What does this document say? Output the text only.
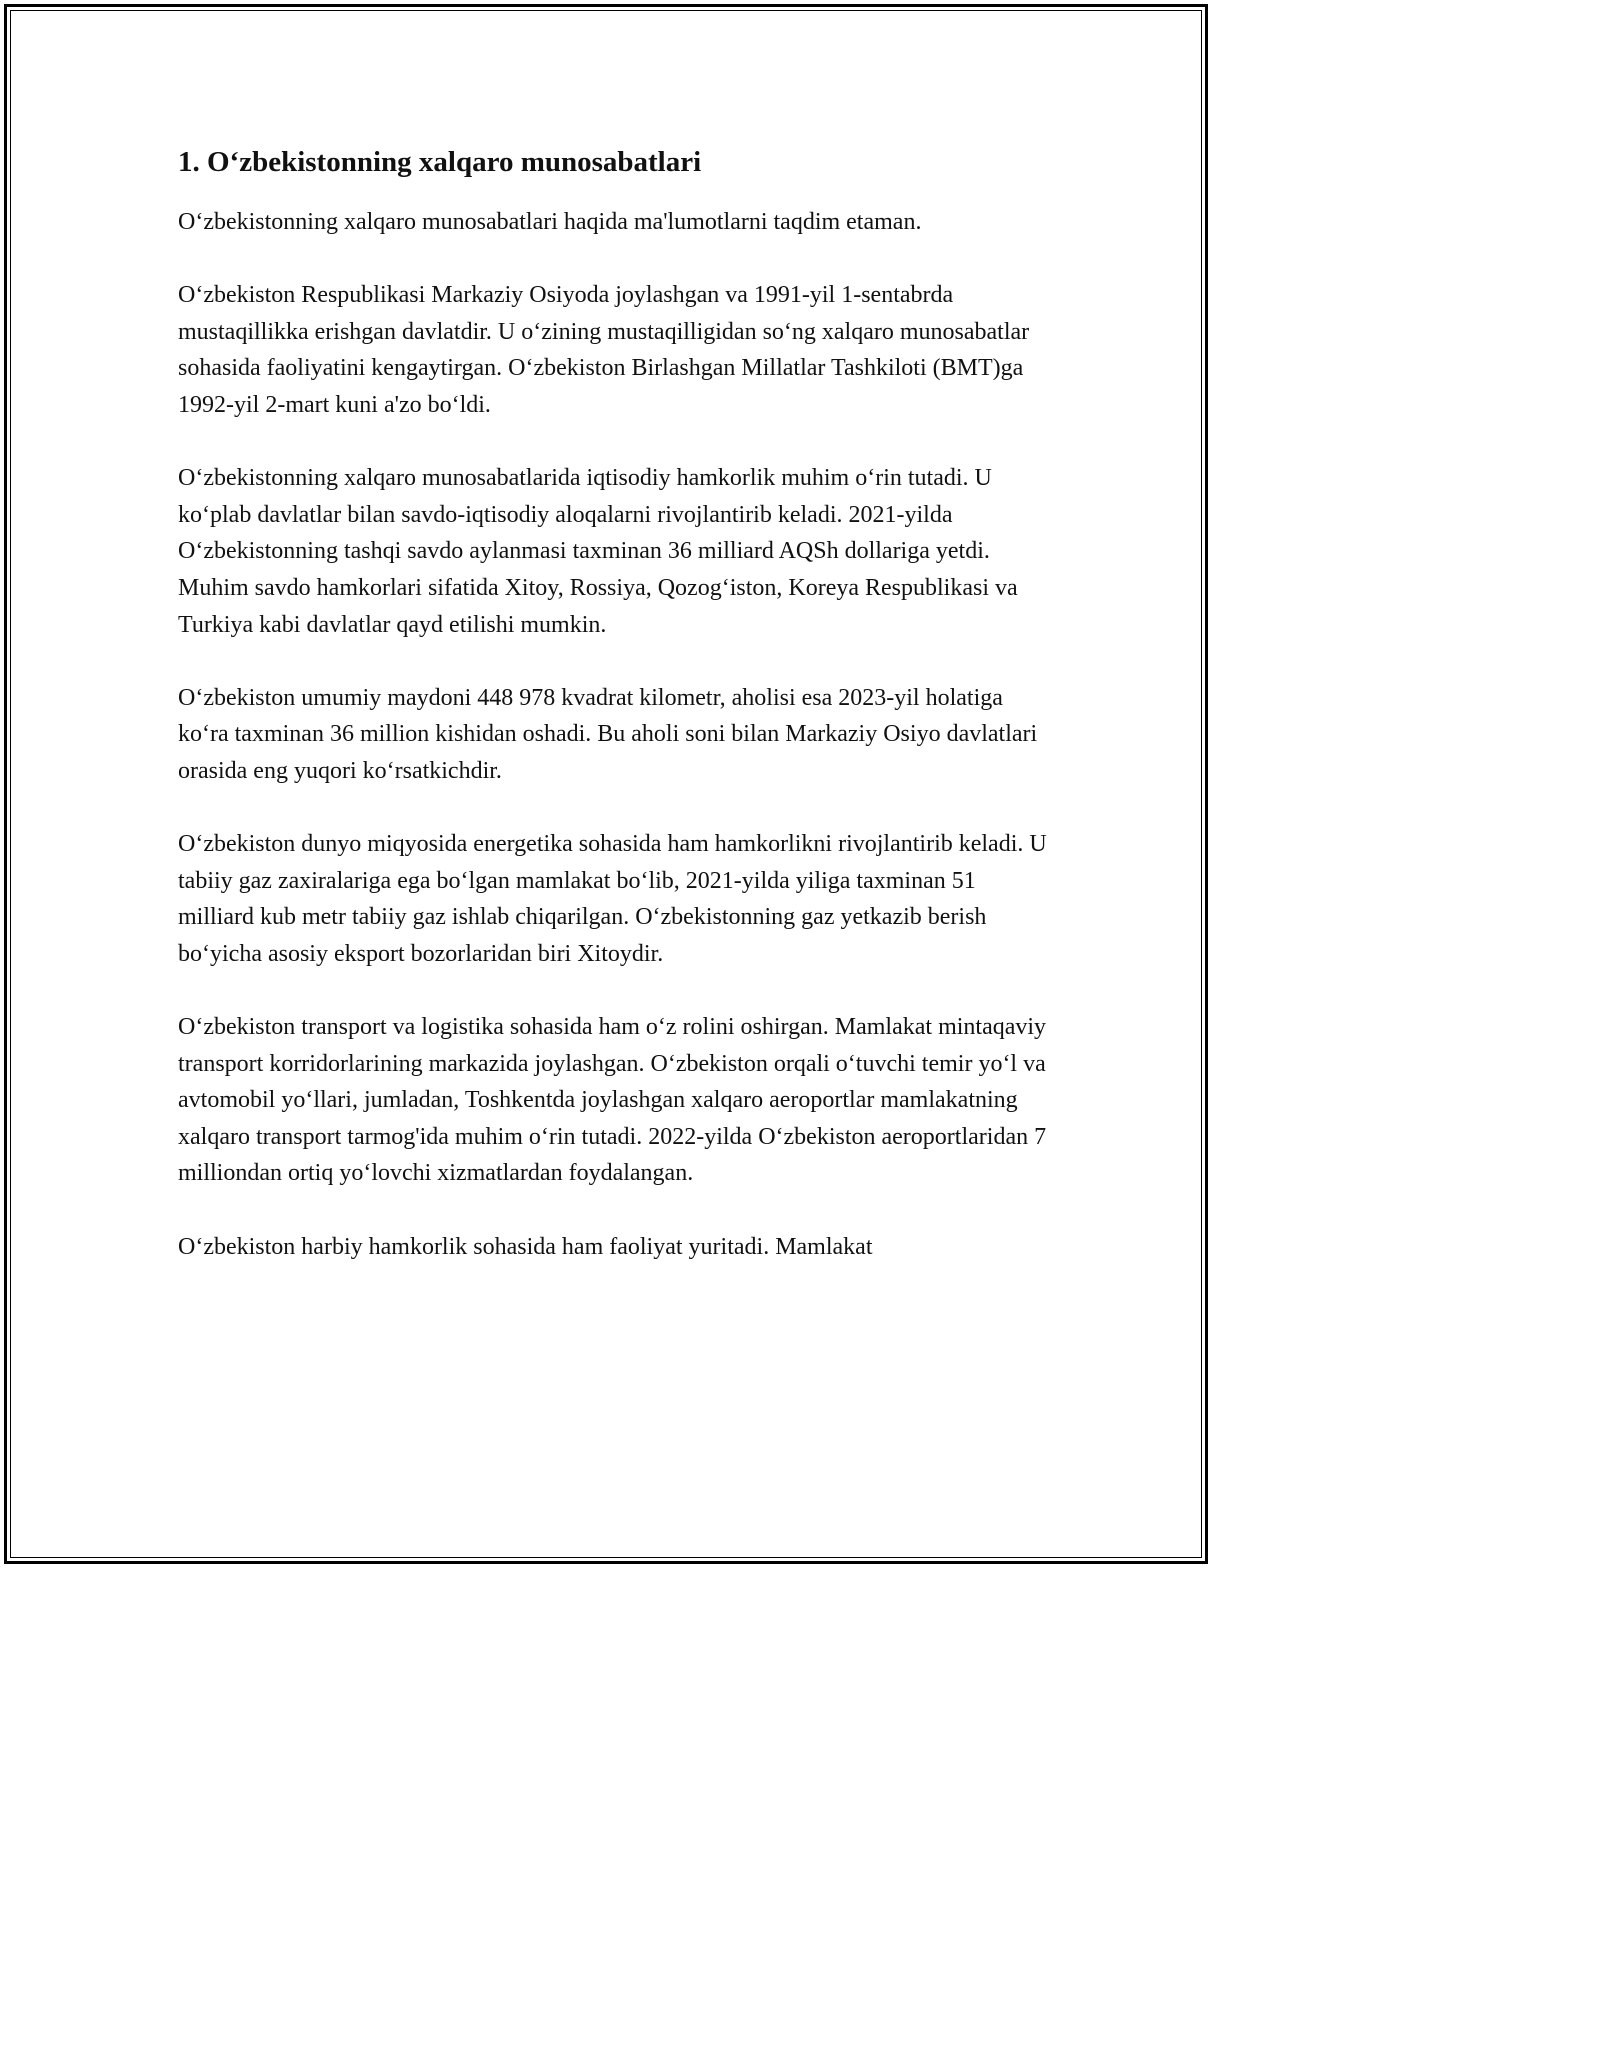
1. O‘zbekistonning xalqaro munosabatlari

O‘zbekistonning xalqaro munosabatlari haqida ma'lumotlarni taqdim etaman.

O‘zbekiston Respublikasi Markaziy Osiyoda joylashgan va 1991-yil 1-sentabrda mustaqillikka erishgan davlatdir. U o‘zining mustaqilligidan so‘ng xalqaro munosabatlar sohasida faoliyatini kengaytirgan. O‘zbekiston Birlashgan Millatlar Tashkiloti (BMT)ga 1992-yil 2-mart kuni a'zo bo‘ldi.

O‘zbekistonning xalqaro munosabatlarida iqtisodiy hamkorlik muhim o‘rin tutadi. U ko‘plab davlatlar bilan savdo-iqtisodiy aloqalarni rivojlantirib keladi. 2021-yilda O‘zbekistonning tashqi savdo aylanmasi taxminan 36 milliard AQSh dollariga yetdi. Muhim savdo hamkorlari sifatida Xitoy, Rossiya, Qozog‘iston, Koreya Respublikasi va Turkiya kabi davlatlar qayd etilishi mumkin.

O‘zbekiston umumiy maydoni 448 978 kvadrat kilometr, aholisi esa 2023-yil holatiga ko‘ra taxminan 36 million kishidan oshadi. Bu aholi soni bilan Markaziy Osiyo davlatlari orasida eng yuqori ko‘rsatkichdir.

O‘zbekiston dunyo miqyosida energetika sohasida ham hamkorlikni rivojlantirib keladi. U tabiiy gaz zaxiralariga ega bo‘lgan mamlakat bo‘lib, 2021-yilda yiliga taxminan 51 milliard kub metr tabiiy gaz ishlab chiqarilgan. O‘zbekistonning gaz yetkazib berish bo‘yicha asosiy eksport bozorlaridan biri Xitoydir.

O‘zbekiston transport va logistika sohasida ham o‘z rolini oshirgan. Mamlakat mintaqaviy transport korridorlarining markazida joylashgan. O‘zbekiston orqali o‘tuvchi temir yo‘l va avtomobil yo‘llari, jumladan, Toshkentda joylashgan xalqaro aeroportlar mamlakatning xalqaro transport tarmog'ida muhim o‘rin tutadi. 2022-yilda O‘zbekiston aeroportlaridan 7 milliondan ortiq yo‘lovchi xizmatlardan foydalangan.

O‘zbekiston harbiy hamkorlik sohasida ham faoliyat yuritadi. Mamlakat
